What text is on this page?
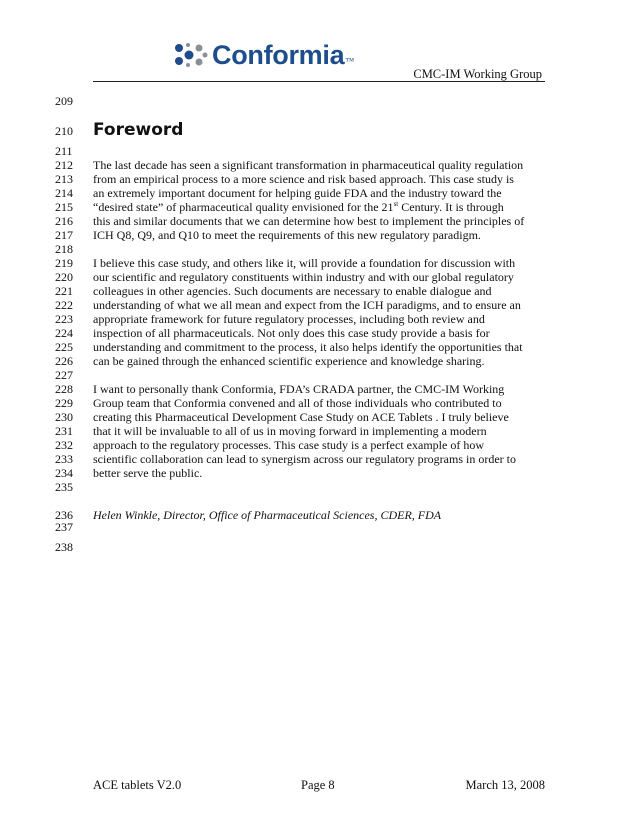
Conformia ™
CMC-IM Working Group
209
210
211
212
213
214
215
216
217
218
219
220
221
222
223
224
225
226
227
228
229
230
231
232
233
234
235
236
237
238
Foreword
The last decade has seen a significant transformation in pharmaceutical quality regulation
from an empirical process to a more science and risk based approach. This case study is
an extremely important document for helping guide FDA and the industry toward the
“desired state” of pharmaceutical quality envisioned for the 21st Century. It is through
this and similar documents that we can determine how best to implement the principles of
ICH Q8, Q9, and Q10 to meet the requirements of this new regulatory paradigm.
I believe this case study, and others like it, will provide a foundation for discussion with
our scientific and regulatory constituents within industry and with our global regulatory
colleagues in other agencies. Such documents are necessary to enable dialogue and
understanding of what we all mean and expect from the ICH paradigms, and to ensure an
appropriate framework for future regulatory processes, including both review and
inspection of all pharmaceuticals. Not only does this case study provide a basis for
understanding and commitment to the process, it also helps identify the opportunities that
can be gained through the enhanced scientific experience and knowledge sharing.
I want to personally thank Conformia, FDA’s CRADA partner, the CMC-IM Working
Group team that Conformia convened and all of those individuals who contributed to
creating this Pharmaceutical Development Case Study on ACE Tablets . I truly believe
that it will be invaluable to all of us in moving forward in implementing a modern
approach to the regulatory processes. This case study is a perfect example of how
scientific collaboration can lead to synergism across our regulatory programs in order to
better serve the public.
Helen Winkle, Director, Office of Pharmaceutical Sciences, CDER, FDA
ACE tablets V2.0	Page 8	March 13, 2008
